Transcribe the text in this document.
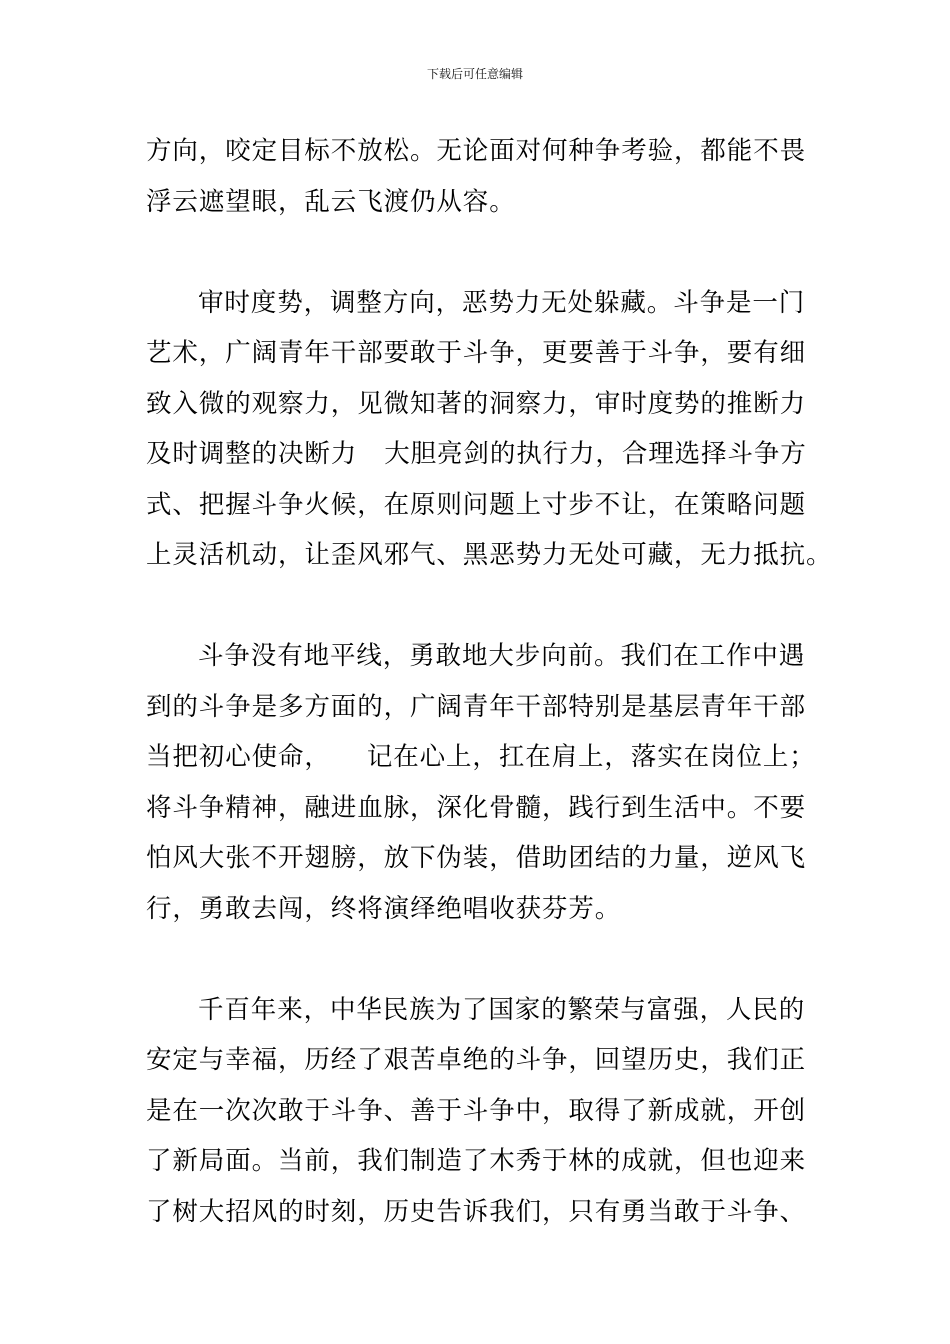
下载后可任意编辑
方向，咬定目标不放松。无论面对何种争考验，都能不畏
浮云遮望眼，乱云飞渡仍从容。
审时度势，调整方向，恶势力无处躲藏。斗争是一门
艺术，广阔青年干部要敢于斗争，更要善于斗争，要有细
致入微的观察力，见微知著的洞察力，审时度势的推断力
及时调整的决断力   大胆亮剑的执行力，合理选择斗争方
式、把握斗争火候，在原则问题上寸步不让，在策略问题
上灵活机动，让歪风邪气、黑恶势力无处可藏，无力抵抗。
斗争没有地平线，勇敢地大步向前。我们在工作中遇
到的斗争是多方面的，广阔青年干部特别是基层青年干部
当把初心使命，    记在心上，扛在肩上，落实在岗位上；
将斗争精神，融进血脉，深化骨髓，践行到生活中。不要
怕风大张不开翅膀，放下伪装，借助团结的力量，逆风飞
行，勇敢去闯，终将演绎绝唱收获芬芳。
千百年来，中华民族为了国家的繁荣与富强，人民的
安定与幸福，历经了艰苦卓绝的斗争，回望历史，我们正
是在一次次敢于斗争、善于斗争中，取得了新成就，开创
了新局面。当前，我们制造了木秀于林的成就，但也迎来
了树大招风的时刻，历史告诉我们，只有勇当敢于斗争、
